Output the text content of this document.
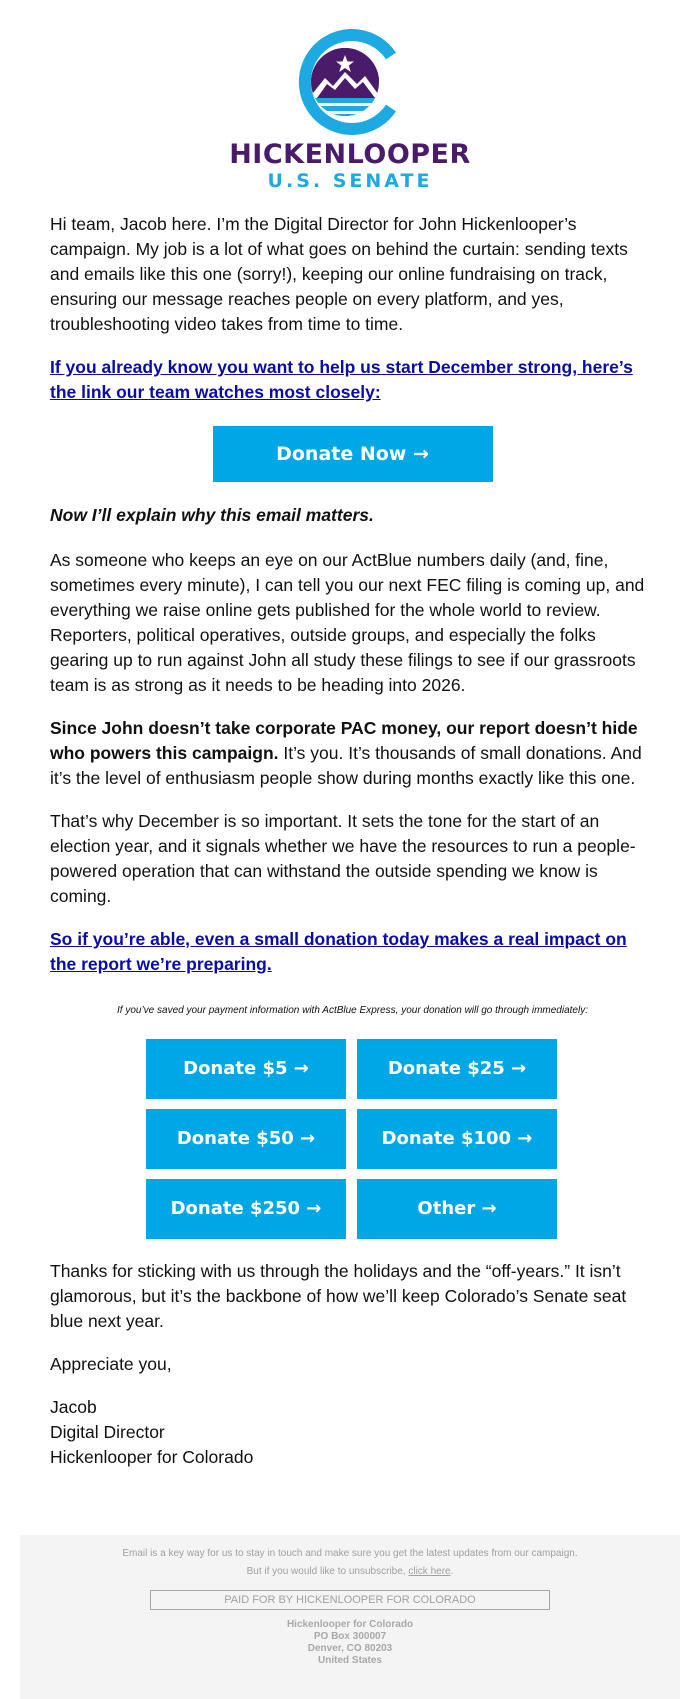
HICKENLOOPER
U.S. SENATE

Hi team, Jacob here. I’m the Digital Director for John Hickenlooper’s campaign. My job is a lot of what goes on behind the curtain: sending texts and emails like this one (sorry!), keeping our online fundraising on track, ensuring our message reaches people on every platform, and yes, troubleshooting video takes from time to time.

If you already know you want to help us start December strong, here’s the link our team watches most closely:
Donate Now →

Now I’ll explain why this email matters.

As someone who keeps an eye on our ActBlue numbers daily (and, fine, sometimes every minute), I can tell you our next FEC filing is coming up, and everything we raise online gets published for the whole world to review. Reporters, political operatives, outside groups, and especially the folks gearing up to run against John all study these filings to see if our grassroots team is as strong as it needs to be heading into 2026.

Since John doesn’t take corporate PAC money, our report doesn’t hide who powers this campaign. It’s you. It’s thousands of small donations. And it’s the level of enthusiasm people show during months exactly like this one.

That’s why December is so important. It sets the tone for the start of an election year, and it signals whether we have the resources to run a people-powered operation that can withstand the outside spending we know is coming.

So if you’re able, even a small donation today makes a real impact on the report we’re preparing.
If you’ve saved your payment information with ActBlue Express, your donation will go through immediately:
Donate $5 →	Donate $25 →
Donate $50 →	Donate $100 →
Donate $250 →	Other →

Thanks for sticking with us through the holidays and the “off-years.” It isn’t glamorous, but it’s the backbone of how we’ll keep Colorado’s Senate seat blue next year.

Appreciate you,

Jacob
Digital Director
Hickenlooper for Colorado

Email is a key way for us to stay in touch and make sure you get the latest updates from our campaign.
But if you would like to unsubscribe, click here.
PAID FOR BY HICKENLOOPER FOR COLORADO
Hickenlooper for Colorado
PO Box 300007
Denver, CO 80203
United States
